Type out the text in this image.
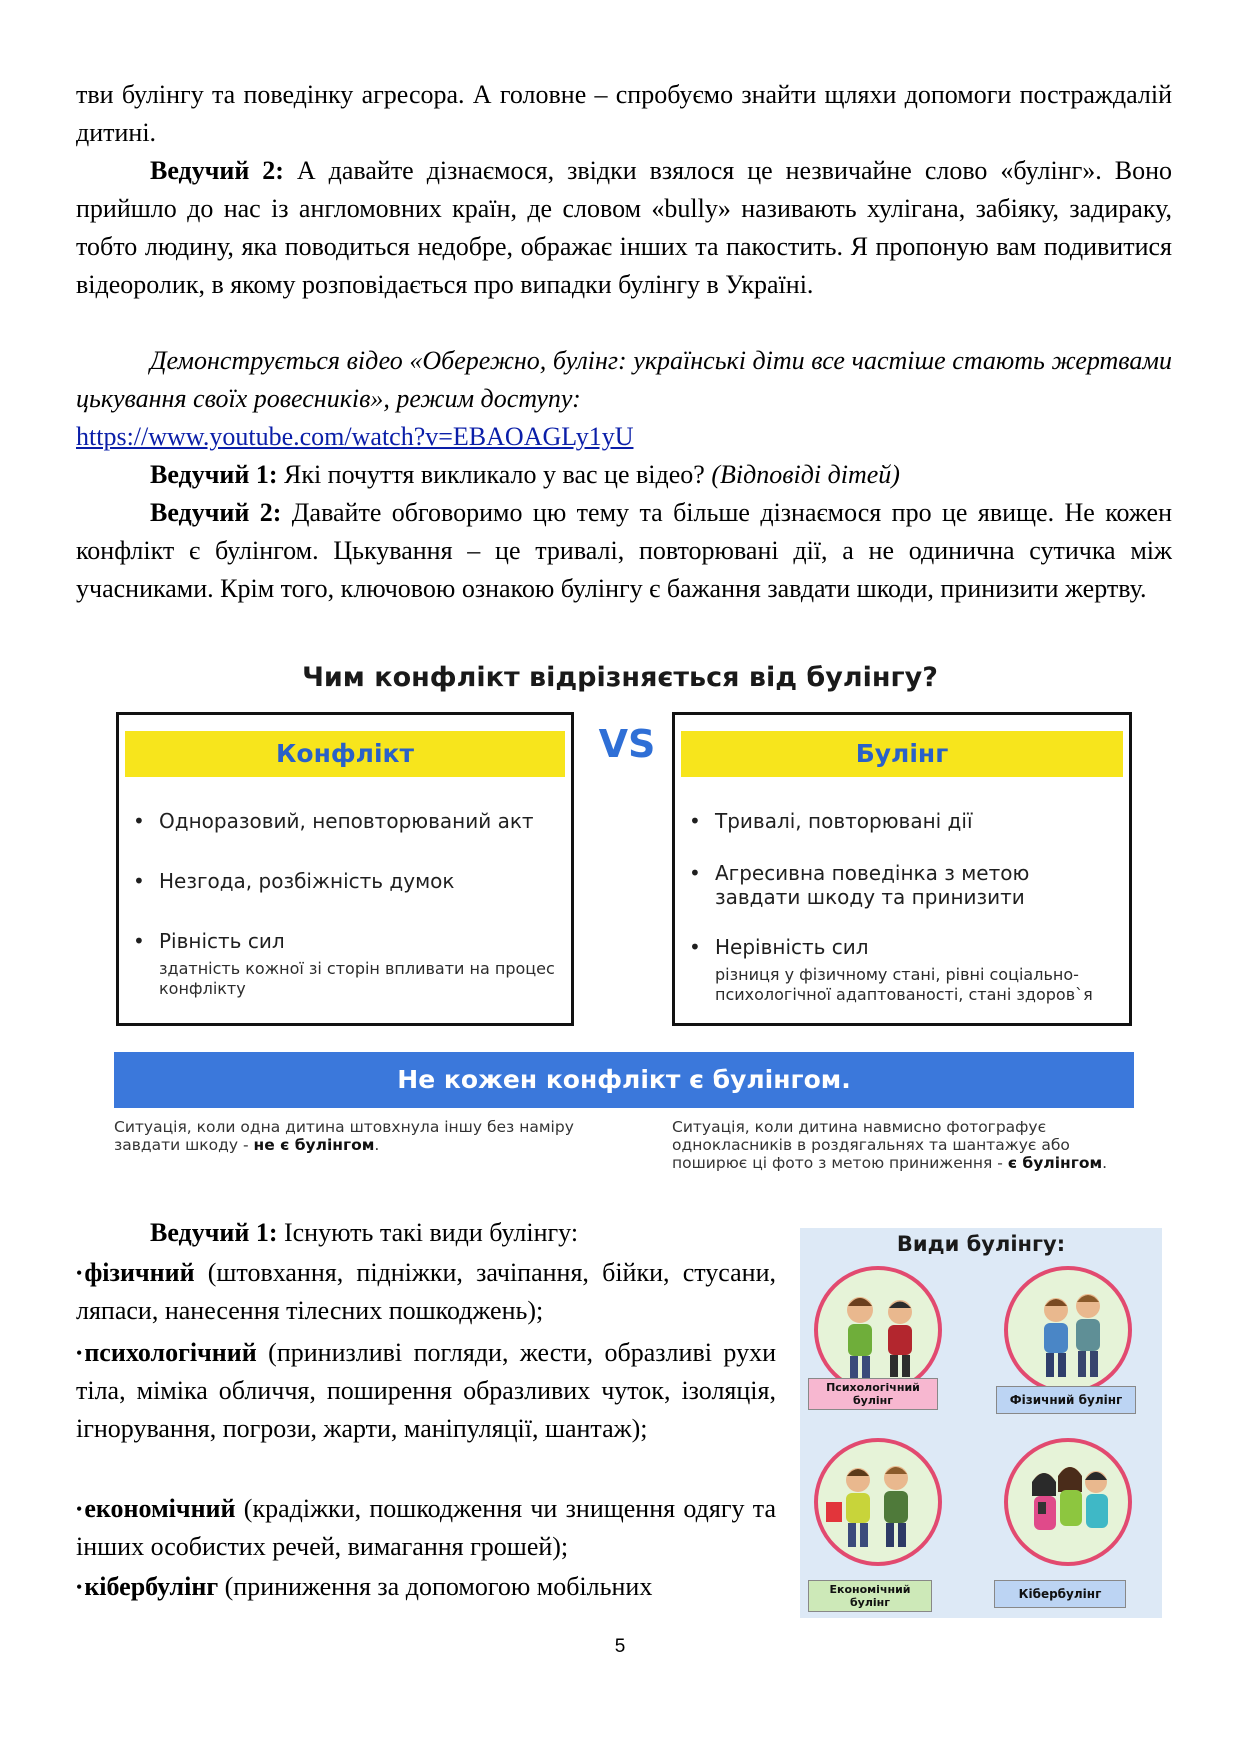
тви булінгу та поведінку агресора. А головне – спробуємо знайти щляхи допомоги постраждалій дитині.

Ведучий 2: А давайте дізнаємося, звідки взялося це незвичайне слово «булінг». Воно прийшло до нас із англомовних країн, де словом «bully» називають хулігана, забіяку, задираку, тобто людину, яка поводиться недобре, ображає інших та пакостить. Я пропоную вам подивитися відеоролик, в якому розповідається про випадки булінгу в Україні.

Демонструється відео «Обережно, булінг: українські діти все частіше стають жертвами цькування своїх ровесників», режим доступу:
https://www.youtube.com/watch?v=EBAOAGLy1yU

Ведучий 1: Які почуття викликало у вас це відео? (Відповіді дітей)

Ведучий 2: Давайте обговоримо цю тему та більше дізнаємося про це явище. Не кожен конфлікт є булінгом. Цькування – це тривалі, повторювані дії, а не одинична сутичка між учасниками. Крім того, ключовою ознакою булінгу є бажання завдати шкоди, принизити жертву.

Чим конфлікт відрізняється від булінгу?
Конфлікт
• Одноразовий, неповторюваний акт
• Незгода, розбіжність думок
• Рівність сил
здатність кожної зі сторін впливати на процес конфлікту
VS	Булінг
• Тривалі, повторювані дії
• Агресивна поведінка з метою завдати шкоду та принизити
• Нерівність сил
різниця у фізичному стані, рівні соціально-психологічної адаптованості, стані здоров`я
Не кожен конфлікт є булінгом.

Ситуація, коли одна дитина штовхнула іншу без наміру завдати шкоду - не є булінгом.

Ситуація, коли дитина навмисно фотографує однокласників в роздягальнях та шантажує або поширює ці фото з метою приниження - є булінгом.

Ведучий 1: Існують такі види булінгу:

•фізичний (штовхання, підніжки, зачіпання, бійки, стусани, ляпаси, нанесення тілесних пошкоджень);

•психологічний (принизливі погляди, жести, образливі рухи тіла, міміка обличчя, поширення образливих чуток, ізоляція, ігнорування, погрози, жарти, маніпуляції, шантаж);

•економічний (крадіжки, пошкодження чи знищення одягу та інших особистих речей, вимагання грошей);

•кібербулінг (приниження за допомогою мобільних

Види булінгу:
Психологічний булінг	Фізичний булінг
Економічний булінг
Кібербулінг
5
